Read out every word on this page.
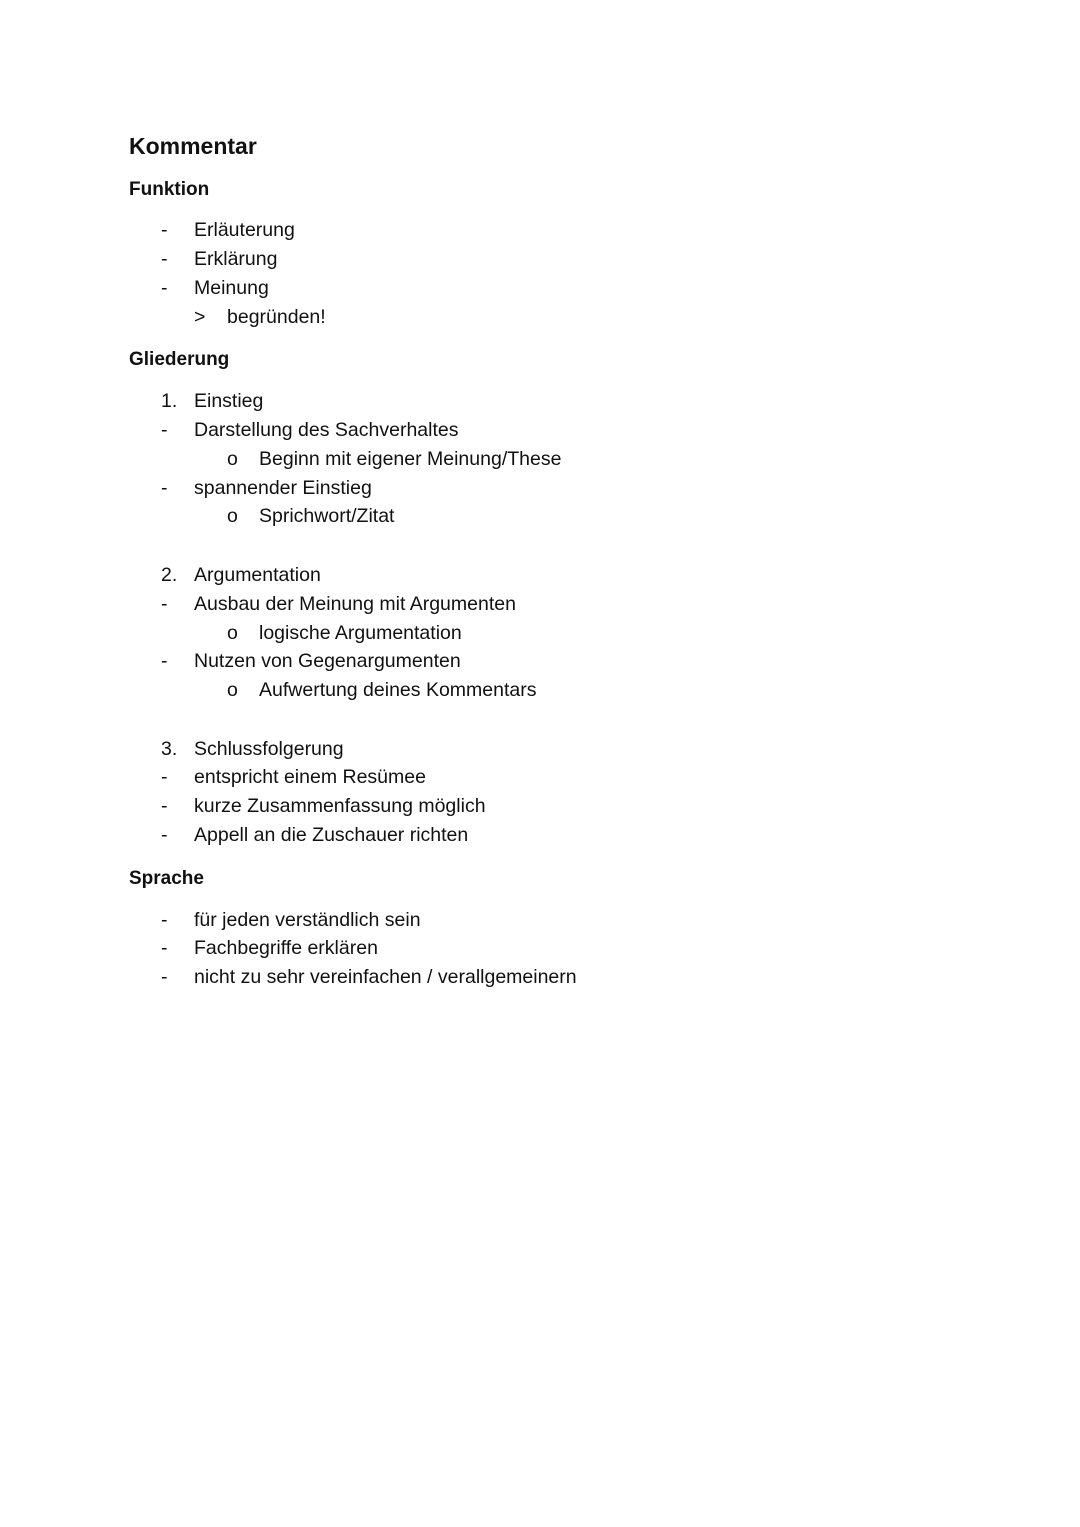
Kommentar
Funktion
- Erläuterung
- Erklärung
- Meinung
> begründen!
Gliederung
1. Einstieg
- Darstellung des Sachverhaltes
o Beginn mit eigener Meinung/These
- spannender Einstieg
o Sprichwort/Zitat
2. Argumentation
- Ausbau der Meinung mit Argumenten
o logische Argumentation
- Nutzen von Gegenargumenten
o Aufwertung deines Kommentars
3. Schlussfolgerung
- entspricht einem Resümee
- kurze Zusammenfassung möglich
- Appell an die Zuschauer richten
Sprache
- für jeden verständlich sein
- Fachbegriffe erklären
- nicht zu sehr vereinfachen / verallgemeinern
